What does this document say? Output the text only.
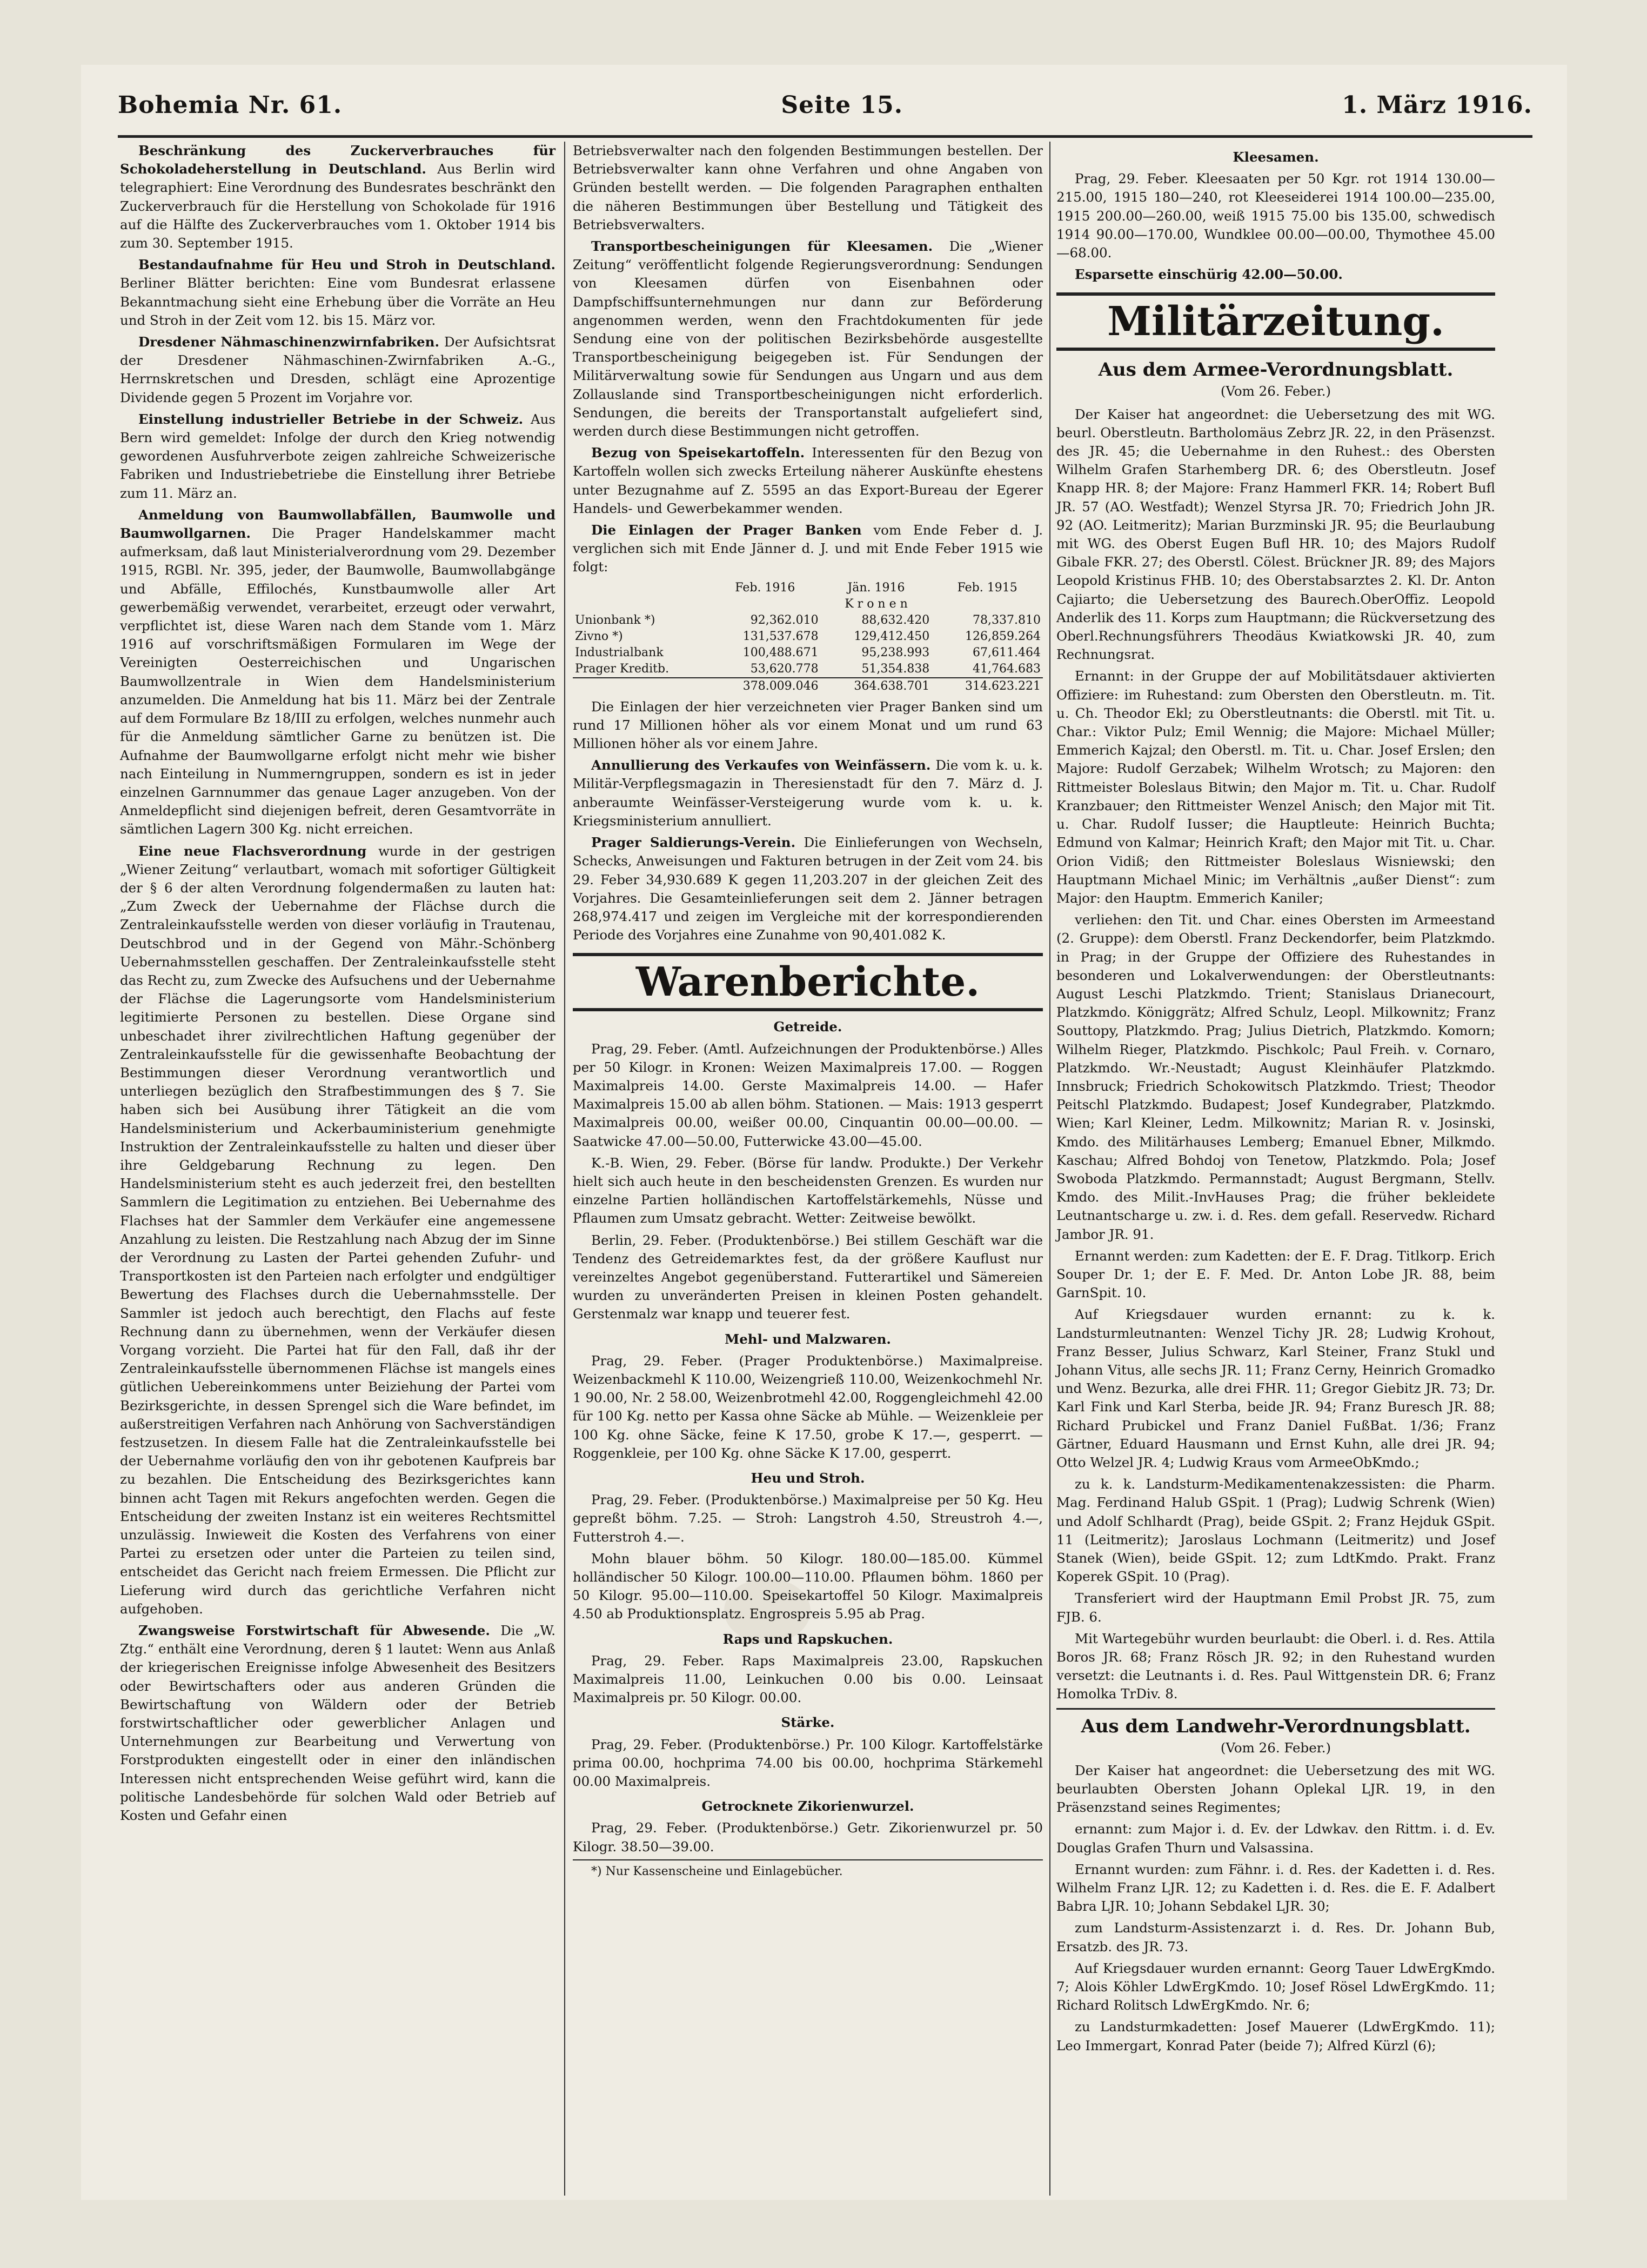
Bohemia Nr. 61.	Seite 15.	1. März 1916.

Beschränkung des Zuckerverbrauches für Schokoladeherstellung in Deutschland. Aus Berlin wird telegraphiert: Eine Verordnung des Bundesrates beschränkt den Zuckerverbrauch für die Herstellung von Schokolade für 1916 auf die Hälfte des Zuckerverbrauches vom 1. Oktober 1914 bis zum 30. September 1915.

Bestandaufnahme für Heu und Stroh in Deutschland. Berliner Blätter berichten: Eine vom Bundesrat erlassene Bekanntmachung sieht eine Erhebung über die Vorräte an Heu und Stroh in der Zeit vom 12. bis 15. März vor.

Dresdener Nähmaschinenzwirnfabriken. Der Aufsichtsrat der Dresdener Nähmaschinen-Zwirnfabriken A.-G., Herrnskretschen und Dresden, schlägt eine Aprozentige Dividende gegen 5 Prozent im Vorjahre vor.

Einstellung industrieller Betriebe in der Schweiz. Aus Bern wird gemeldet: Infolge der durch den Krieg notwendig gewordenen Ausfuhrverbote zeigen zahlreiche Schweizerische Fabriken und Industriebetriebe die Einstellung ihrer Betriebe zum 11. März an.

Anmeldung von Baumwollabfällen, Baumwolle und Baumwollgarnen. Die Prager Handelskammer macht aufmerksam, daß laut Ministerialverordnung vom 29. Dezember 1915, RGBl. Nr. 395, jeder, der Baumwolle, Baumwollabgänge und Abfälle, Effilochés, Kunstbaumwolle aller Art gewerbemäßig verwendet, verarbeitet, erzeugt oder verwahrt, verpflichtet ist, diese Waren nach dem Stande vom 1. März 1916 auf vorschriftsmäßigen Formularen im Wege der Vereinigten Oesterreichischen und Ungarischen Baumwollzentrale in Wien dem Handelsministerium anzumelden. Die Anmeldung hat bis 11. März bei der Zentrale auf dem Formulare Bz 18/III zu erfolgen, welches nunmehr auch für die Anmeldung sämtlicher Garne zu benützen ist. Die Aufnahme der Baumwollgarne erfolgt nicht mehr wie bisher nach Einteilung in Nummerngruppen, sondern es ist in jeder einzelnen Garnnummer das genaue Lager anzugeben. Von der Anmeldepflicht sind diejenigen befreit, deren Gesamtvorräte in sämtlichen Lagern 300 Kg. nicht erreichen.

Eine neue Flachsverordnung wurde in der gestrigen „Wiener Zeitung“ verlautbart, womach mit sofortiger Gültigkeit der § 6 der alten Verordnung folgendermaßen zu lauten hat: „Zum Zweck der Uebernahme der Flächse durch die Zentraleinkaufsstelle werden von dieser vorläufig in Trautenau, Deutschbrod und in der Gegend von Mähr.-Schönberg Uebernahmsstellen geschaffen. Der Zentraleinkaufsstelle steht das Recht zu, zum Zwecke des Aufsuchens und der Uebernahme der Flächse die Lagerungsorte vom Handelsministerium legitimierte Personen zu bestellen. Diese Organe sind unbeschadet ihrer zivilrechtlichen Haftung gegenüber der Zentraleinkaufsstelle für die gewissenhafte Beobachtung der Bestimmungen dieser Verordnung verantwortlich und unterliegen bezüglich den Strafbestimmungen des § 7. Sie haben sich bei Ausübung ihrer Tätigkeit an die vom Handelsministerium und Ackerbauministerium genehmigte Instruktion der Zentraleinkaufsstelle zu halten und dieser über ihre Geldgebarung Rechnung zu legen. Den Handelsministerium steht es auch jederzeit frei, den bestellten Sammlern die Legitimation zu entziehen. Bei Uebernahme des Flachses hat der Sammler dem Verkäufer eine angemessene Anzahlung zu leisten. Die Restzahlung nach Abzug der im Sinne der Verordnung zu Lasten der Partei gehenden Zufuhr- und Transportkosten ist den Parteien nach erfolgter und endgültiger Bewertung des Flachses durch die Uebernahmsstelle. Der Sammler ist jedoch auch berechtigt, den Flachs auf feste Rechnung dann zu übernehmen, wenn der Verkäufer diesen Vorgang vorzieht. Die Partei hat für den Fall, daß ihr der Zentraleinkaufsstelle übernommenen Flächse ist mangels eines gütlichen Uebereinkommens unter Beiziehung der Partei vom Bezirksgerichte, in dessen Sprengel sich die Ware befindet, im außerstreitigen Verfahren nach Anhörung von Sachverständigen festzusetzen. In diesem Falle hat die Zentraleinkaufsstelle bei der Uebernahme vorläufig den von ihr gebotenen Kaufpreis bar zu bezahlen. Die Entscheidung des Bezirksgerichtes kann binnen acht Tagen mit Rekurs angefochten werden. Gegen die Entscheidung der zweiten Instanz ist ein weiteres Rechtsmittel unzulässig. Inwieweit die Kosten des Verfahrens von einer Partei zu ersetzen oder unter die Parteien zu teilen sind, entscheidet das Gericht nach freiem Ermessen. Die Pflicht zur Lieferung wird durch das gerichtliche Verfahren nicht aufgehoben.

Zwangsweise Forstwirtschaft für Abwesende. Die „W. Ztg.“ enthält eine Verordnung, deren § 1 lautet: Wenn aus Anlaß der kriegerischen Ereignisse infolge Abwesenheit des Besitzers oder Bewirtschafters oder aus anderen Gründen die Bewirtschaftung von Wäldern oder der Betrieb forstwirtschaftlicher oder gewerblicher Anlagen und Unternehmungen zur Bearbeitung und Verwertung von Forstprodukten eingestellt oder in einer den inländischen Interessen nicht entsprechenden Weise geführt wird, kann die politische Landesbehörde für solchen Wald oder Betrieb auf Kosten und Gefahr einen

Betriebsverwalter nach den folgenden Bestimmungen bestellen. Der Betriebsverwalter kann ohne Verfahren und ohne Angaben von Gründen bestellt werden. — Die folgenden Paragraphen enthalten die näheren Bestimmungen über Bestellung und Tätigkeit des Betriebsverwalters.

Transportbescheinigungen für Kleesamen. Die „Wiener Zeitung“ veröffentlicht folgende Regierungsverordnung: Sendungen von Kleesamen dürfen von Eisenbahnen oder Dampfschiffsunternehmungen nur dann zur Beförderung angenommen werden, wenn den Frachtdokumenten für jede Sendung eine von der politischen Bezirksbehörde ausgestellte Transportbescheinigung beigegeben ist. Für Sendungen der Militärverwaltung sowie für Sendungen aus Ungarn und aus dem Zollauslande sind Transportbescheinigungen nicht erforderlich. Sendungen, die bereits der Transportanstalt aufgeliefert sind, werden durch diese Bestimmungen nicht getroffen.

Bezug von Speisekartoffeln. Interessenten für den Bezug von Kartoffeln wollen sich zwecks Erteilung näherer Auskünfte ehestens unter Bezugnahme auf Z. 5595 an das Export-Bureau der Egerer Handels- und Gewerbekammer wenden.

Die Einlagen der Prager Banken vom Ende Feber d. J. verglichen sich mit Ende Jänner d. J. und mit Ende Feber 1915 wie folgt:

	Feb. 1916	Jän. 1916	Feb. 1915
	K r o n e n		
Unionbank *)	92,362.010	88,632.420	78,337.810
Zivno *)	131,537.678	129,412.450	126,859.264
Industrialbank	100,488.671	95,238.993	67,611.464
Prager Kreditb.	53,620.778	51,354.838	41,764.683
	378.009.046	364.638.701	314.623.221

Die Einlagen der hier verzeichneten vier Prager Banken sind um rund 17 Millionen höher als vor einem Monat und um rund 63 Millionen höher als vor einem Jahre.

Annullierung des Verkaufes von Weinfässern. Die vom k. u. k. Militär-Verpflegsmagazin in Theresienstadt für den 7. März d. J. anberaumte Weinfässer-Versteigerung wurde vom k. u. k. Kriegsministerium annulliert.

Prager Saldierungs-Verein. Die Einlieferungen von Wechseln, Schecks, Anweisungen und Fakturen betrugen in der Zeit vom 24. bis 29. Feber 34,930.689 K gegen 11,203.207 in der gleichen Zeit des Vorjahres. Die Gesamteinlieferungen seit dem 2. Jänner betragen 268,974.417 und zeigen im Vergleiche mit der korrespondierenden Periode des Vorjahres eine Zunahme von 90,401.082 K.

Warenberichte.
Getreide.

Prag, 29. Feber. (Amtl. Aufzeichnungen der Produktenbörse.) Alles per 50 Kilogr. in Kronen: Weizen Maximalpreis 17.00. — Roggen Maximalpreis 14.00. Gerste Maximalpreis 14.00. — Hafer Maximalpreis 15.00 ab allen böhm. Stationen. — Mais: 1913 gesperrt Maximalpreis 00.00, weißer 00.00, Cinquantin 00.00—00.00. — Saatwicke 47.00—50.00, Futterwicke 43.00—45.00.

K.-B. Wien, 29. Feber. (Börse für landw. Produkte.) Der Verkehr hielt sich auch heute in den bescheidensten Grenzen. Es wurden nur einzelne Partien holländischen Kartoffelstärkemehls, Nüsse und Pflaumen zum Umsatz gebracht. Wetter: Zeitweise bewölkt.

Berlin, 29. Feber. (Produktenbörse.) Bei stillem Geschäft war die Tendenz des Getreidemarktes fest, da der größere Kauflust nur vereinzeltes Angebot gegenüberstand. Futterartikel und Sämereien wurden zu unveränderten Preisen in kleinen Posten gehandelt. Gerstenmalz war knapp und teuerer fest.

Mehl- und Malzwaren.

Prag, 29. Feber. (Prager Produktenbörse.) Maximalpreise. Weizenbackmehl K 110.00, Weizengrieß 110.00, Weizenkochmehl Nr. 1 90.00, Nr. 2 58.00, Weizenbrotmehl 42.00, Roggengleichmehl 42.00 für 100 Kg. netto per Kassa ohne Säcke ab Mühle. — Weizenkleie per 100 Kg. ohne Säcke, feine K 17.50, grobe K 17.—, gesperrt. — Roggenkleie, per 100 Kg. ohne Säcke K 17.00, gesperrt.

Heu und Stroh.

Prag, 29. Feber. (Produktenbörse.) Maximalpreise per 50 Kg. Heu gepreßt böhm. 7.25. — Stroh: Langstroh 4.50, Streustroh 4.—, Futterstroh 4.—.

Mohn blauer böhm. 50 Kilogr. 180.00—185.00. Kümmel holländischer 50 Kilogr. 100.00—110.00. Pflaumen böhm. 1860 per 50 Kilogr. 95.00—110.00. Speisekartoffel 50 Kilogr. Maximalpreis 4.50 ab Produktionsplatz. Engrospreis 5.95 ab Prag.

Raps und Rapskuchen.

Prag, 29. Feber. Raps Maximalpreis 23.00, Rapskuchen Maximalpreis 11.00, Leinkuchen 0.00 bis 0.00. Leinsaat Maximalpreis pr. 50 Kilogr. 00.00.

Stärke.

Prag, 29. Feber. (Produktenbörse.) Pr. 100 Kilogr. Kartoffelstärke prima 00.00, hochprima 74.00 bis 00.00, hochprima Stärkemehl 00.00 Maximalpreis.

Getrocknete Zikorienwurzel.

Prag, 29. Feber. (Produktenbörse.) Getr. Zikorienwurzel pr. 50 Kilogr. 38.50—39.00.

*) Nur Kassenscheine und Einlagebücher.

Kleesamen.

Prag, 29. Feber. Kleesaaten per 50 Kgr. rot 1914 130.00—215.00, 1915 180—240, rot Kleeseiderei 1914 100.00—235.00, 1915 200.00—260.00, weiß 1915 75.00 bis 135.00, schwedisch 1914 90.00—170.00, Wundklee 00.00—00.00, Thymothee 45.00—68.00.

Esparsette einschürig 42.00—50.00.

Militärzeitung.
Aus dem Armee-Verordnungsblatt.
(Vom 26. Feber.)

Der Kaiser hat angeordnet: die Uebersetzung des mit WG. beurl. Oberstleutn. Bartholomäus Zebrz JR. 22, in den Präsenzst. des JR. 45; die Uebernahme in den Ruhest.: des Obersten Wilhelm Grafen Starhemberg DR. 6; des Oberstleutn. Josef Knapp HR. 8; der Majore: Franz Hammerl FKR. 14; Robert Bufl JR. 57 (AO. Westfadt); Wenzel Styrsa JR. 70; Friedrich John JR. 92 (AO. Leitmeritz); Marian Burzminski JR. 95; die Beurlaubung mit WG. des Oberst Eugen Bufl HR. 10; des Majors Rudolf Gibale FKR. 27; des Oberstl. Cölest. Brückner JR. 89; des Majors Leopold Kristinus FHB. 10; des Oberstabsarztes 2. Kl. Dr. Anton Cajiarto; die Uebersetzung des Baurech.OberOffiz. Leopold Anderlik des 11. Korps zum Hauptmann; die Rückversetzung des Oberl.Rechnungsführers Theodäus Kwiatkowski JR. 40, zum Rechnungsrat.

Ernannt: in der Gruppe der auf Mobilitätsdauer aktivierten Offiziere: im Ruhestand: zum Obersten den Oberstleutn. m. Tit. u. Ch. Theodor Ekl; zu Oberstleutnants: die Oberstl. mit Tit. u. Char.: Viktor Pulz; Emil Wennig; die Majore: Michael Müller; Emmerich Kajzal; den Oberstl. m. Tit. u. Char. Josef Erslen; den Majore: Rudolf Gerzabek; Wilhelm Wrotsch; zu Majoren: den Rittmeister Boleslaus Bitwin; den Major m. Tit. u. Char. Rudolf Kranzbauer; den Rittmeister Wenzel Anisch; den Major mit Tit. u. Char. Rudolf Iusser; die Hauptleute: Heinrich Buchta; Edmund von Kalmar; Heinrich Kraft; den Major mit Tit. u. Char. Orion Vidiß; den Rittmeister Boleslaus Wisniewski; den Hauptmann Michael Minic; im Verhältnis „außer Dienst“: zum Major: den Hauptm. Emmerich Kaniler;

verliehen: den Tit. und Char. eines Obersten im Armeestand (2. Gruppe): dem Oberstl. Franz Deckendorfer, beim Platzkmdo. in Prag; in der Gruppe der Offiziere des Ruhestandes in besonderen und Lokalverwendungen: der Oberstleutnants: August Leschi Platzkmdo. Trient; Stanislaus Drianecourt, Platzkmdo. Königgrätz; Alfred Schulz, Leopl. Milkownitz; Franz Souttopy, Platzkmdo. Prag; Julius Dietrich, Platzkmdo. Komorn; Wilhelm Rieger, Platzkmdo. Pischkolc; Paul Freih. v. Cornaro, Platzkmdo. Wr.-Neustadt; August Kleinhäufer Platzkmdo. Innsbruck; Friedrich Schokowitsch Platzkmdo. Triest; Theodor Peitschl Platzkmdo. Budapest; Josef Kundegraber, Platzkmdo. Wien; Karl Kleiner, Ledm. Milkownitz; Marian R. v. Josinski, Kmdo. des Militärhauses Lemberg; Emanuel Ebner, Milkmdo. Kaschau; Alfred Bohdoj von Tenetow, Platzkmdo. Pola; Josef Swoboda Platzkmdo. Permannstadt; August Bergmann, Stellv. Kmdo. des Milit.-InvHauses Prag; die früher bekleidete Leutnantscharge u. zw. i. d. Res. dem gefall. Reservedw. Richard Jambor JR. 91.

Ernannt werden: zum Kadetten: der E. F. Drag. Titlkorp. Erich Souper Dr. 1; der E. F. Med. Dr. Anton Lobe JR. 88, beim GarnSpit. 10.

Auf Kriegsdauer wurden ernannt: zu k. k. Landsturmleutnanten: Wenzel Tichy JR. 28; Ludwig Krohout, Franz Besser, Julius Schwarz, Karl Steiner, Franz Stukl und Johann Vitus, alle sechs JR. 11; Franz Cerny, Heinrich Gromadko und Wenz. Bezurka, alle drei FHR. 11; Gregor Giebitz JR. 73; Dr. Karl Fink und Karl Sterba, beide JR. 94; Franz Buresch JR. 88; Richard Prubickel und Franz Daniel FußBat. 1/36; Franz Gärtner, Eduard Hausmann und Ernst Kuhn, alle drei JR. 94; Otto Welzel JR. 4; Ludwig Kraus vom ArmeeObKmdo.;

zu k. k. Landsturm-Medikamentenakzessisten: die Pharm. Mag. Ferdinand Halub GSpit. 1 (Prag); Ludwig Schrenk (Wien) und Adolf Schlhardt (Prag), beide GSpit. 2; Franz Hejduk GSpit. 11 (Leitmeritz); Jaroslaus Lochmann (Leitmeritz) und Josef Stanek (Wien), beide GSpit. 12; zum LdtKmdo. Prakt. Franz Koperek GSpit. 10 (Prag).

Transferiert wird der Hauptmann Emil Probst JR. 75, zum FJB. 6.

Mit Wartegebühr wurden beurlaubt: die Oberl. i. d. Res. Attila Boros JR. 68; Franz Rösch JR. 92; in den Ruhestand wurden versetzt: die Leutnants i. d. Res. Paul Wittgenstein DR. 6; Franz Homolka TrDiv. 8.

Aus dem Landwehr-Verordnungsblatt.
(Vom 26. Feber.)

Der Kaiser hat angeordnet: die Uebersetzung des mit WG. beurlaubten Obersten Johann Oplekal LJR. 19, in den Präsenzstand seines Regimentes;

ernannt: zum Major i. d. Ev. der Ldwkav. den Rittm. i. d. Ev. Douglas Grafen Thurn und Valsassina.

Ernannt wurden: zum Fähnr. i. d. Res. der Kadetten i. d. Res. Wilhelm Franz LJR. 12; zu Kadetten i. d. Res. die E. F. Adalbert Babra LJR. 10; Johann Sebdakel LJR. 30;

zum Landsturm-Assistenzarzt i. d. Res. Dr. Johann Bub, Ersatzb. des JR. 73.

Auf Kriegsdauer wurden ernannt: Georg Tauer LdwErgKmdo. 7; Alois Köhler LdwErgKmdo. 10; Josef Rösel LdwErgKmdo. 11; Richard Rolitsch LdwErgKmdo. Nr. 6;

zu Landsturmkadetten: Josef Mauerer (LdwErgKmdo. 11); Leo Immergart, Konrad Pater (beide 7); Alfred Kürzl (6);
